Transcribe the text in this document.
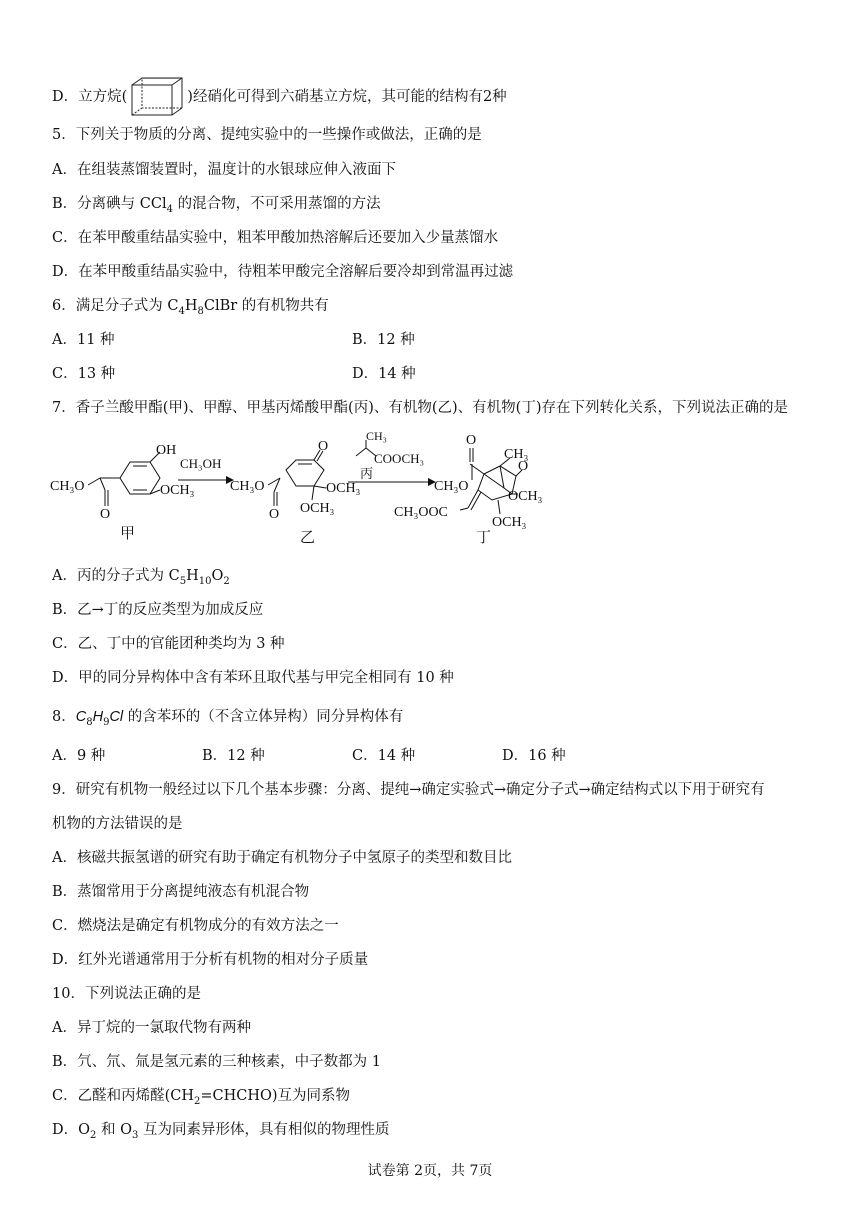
D．立方烷(	)经硝化可得到六硝基立方烷，其可能的结构有2种
5．下列关于物质的分离、提纯实验中的一些操作或做法，正确的是
A．在组装蒸馏装置时，温度计的水银球应伸入液面下
B．分离碘与 CCl$_4$ 的混合物，不可采用蒸馏的方法
C．在苯甲酸重结晶实验中，粗苯甲酸加热溶解后还要加入少量蒸馏水
D．在苯甲酸重结晶实验中，待粗苯甲酸完全溶解后要冷却到常温再过滤
6．满足分子式为 $C_4H_8ClBr$ 的有机物共有
A．11 种	B．12 种
C．13 种	D．14 种
7．香子兰酸甲酯(甲)、甲醇、甲基丙烯酸甲酯(丙)、有机物(乙)、有机物(丁)存在下列转化关系，下列说法正确的是
CH₃O
O
OH
OCH₃
甲
CH₃OH
CH₃O
O
O
OCH₃
OCH₃
乙
CH₃
COOCH₃
丙
CH₃O
O
CH₃
O
OCH₃
OCH₃
CH₃OOC
丁
A．丙的分子式为 $C_5H_{10}O_2$
B．乙→丁的反应类型为加成反应
C．乙、丁中的官能团种类均为 3 种
D．甲的同分异构体中含有苯环且取代基与甲完全相同有 10 种
8．$C_8H_9Cl$ 的含苯环的（不含立体异构）同分异构体有
A．9 种	B．12 种	C．14 种	D．16 种
9．研究有机物一般经过以下几个基本步骤：分离、提纯→确定实验式→确定分子式→确定结构式以下用于研究有
机物的方法错误的是
A．核磁共振氢谱的研究有助于确定有机物分子中氢原子的类型和数目比
B．蒸馏常用于分离提纯液态有机混合物
C．燃烧法是确定有机物成分的有效方法之一
D．红外光谱通常用于分析有机物的相对分子质量
10．下列说法正确的是
A．异丁烷的一氯取代物有两种
B．氕、氘、氚是氢元素的三种核素，中子数都为 1
C．乙醛和丙烯醛$(CH_2=CHCHO)$互为同系物
D．$O_2$ 和 $O_3$ 互为同素异形体，具有相似的物理性质
试卷第 2页，共 7页
